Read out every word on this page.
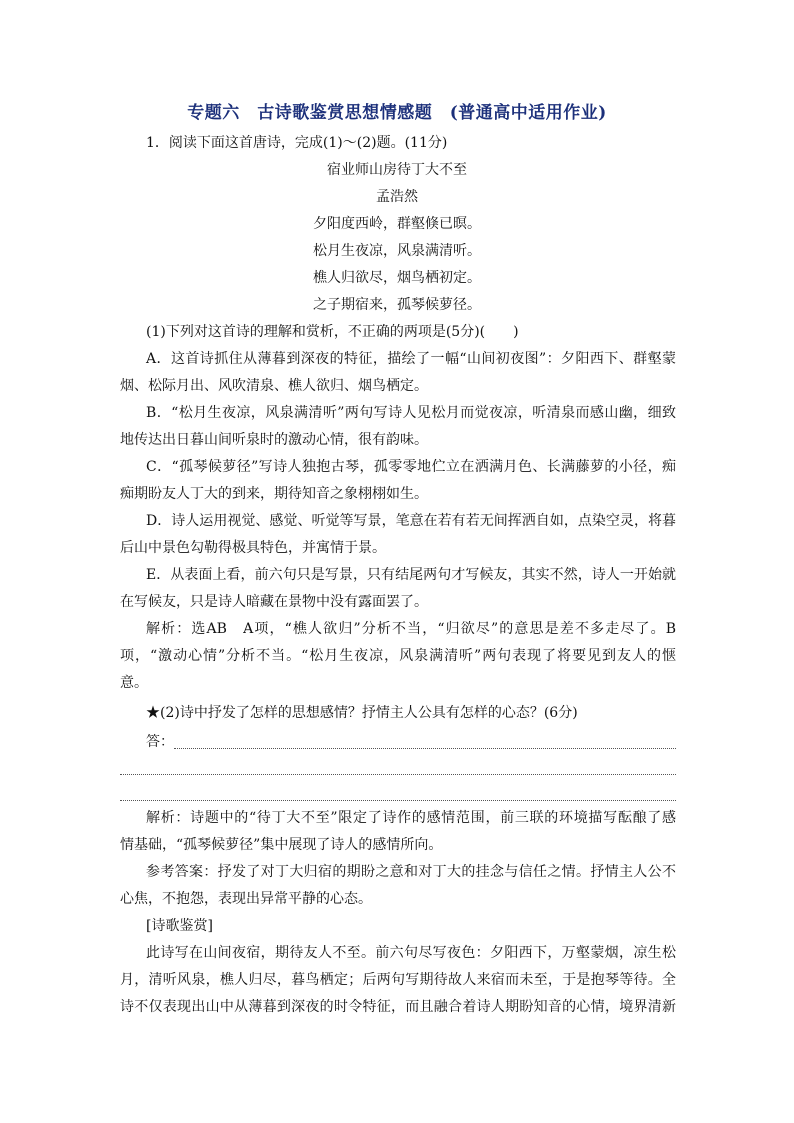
专题六　古诗歌鉴赏思想情感题　(普通高中适用作业)
1．阅读下面这首唐诗，完成(1)～(2)题。(11分)
宿业师山房待丁大不至
孟浩然
夕阳度西岭，群壑倏已暝。
松月生夜凉，风泉满清听。
樵人归欲尽，烟鸟栖初定。
之子期宿来，孤琴候萝径。
(1)下列对这首诗的理解和赏析，不正确的两项是(5分)(　　)
A．这首诗抓住从薄暮到深夜的特征，描绘了一幅“山间初夜图”：夕阳西下、群壑蒙
烟、松际月出、风吹清泉、樵人欲归、烟鸟栖定。
B．“松月生夜凉，风泉满清听”两句写诗人见松月而觉夜凉，听清泉而感山幽，细致
地传达出日暮山间听泉时的激动心情，很有韵味。
C．“孤琴候萝径”写诗人独抱古琴，孤零零地伫立在洒满月色、长满藤萝的小径，痴
痴期盼友人丁大的到来，期待知音之象栩栩如生。
D．诗人运用视觉、感觉、听觉等写景，笔意在若有若无间挥洒自如，点染空灵，将暮
后山中景色勾勒得极具特色，并寓情于景。
E．从表面上看，前六句只是写景，只有结尾两句才写候友，其实不然，诗人一开始就
在写候友，只是诗人暗藏在景物中没有露面罢了。
解析：选AB　A项，“樵人欲归”分析不当，“归欲尽”的意思是差不多走尽了。B
项，“激动心情”分析不当。“松月生夜凉，风泉满清听”两句表现了将要见到友人的惬
意。
★(2)诗中抒发了怎样的思想感情？抒情主人公具有怎样的心态？(6分)
答：
解析：诗题中的“待丁大不至”限定了诗作的感情范围，前三联的环境描写酝酿了感
情基础，“孤琴候萝径”集中展现了诗人的感情所向。
参考答案：抒发了对丁大归宿的期盼之意和对丁大的挂念与信任之情。抒情主人公不
心焦，不抱怨，表现出异常平静的心态。
[诗歌鉴赏]
此诗写在山间夜宿，期待友人不至。前六句尽写夜色：夕阳西下，万壑蒙烟，凉生松
月，清听风泉，樵人归尽，暮鸟栖定；后两句写期待故人来宿而未至，于是抱琴等待。全
诗不仅表现出山中从薄暮到深夜的时令特征，而且融合着诗人期盼知音的心情，境界清新
